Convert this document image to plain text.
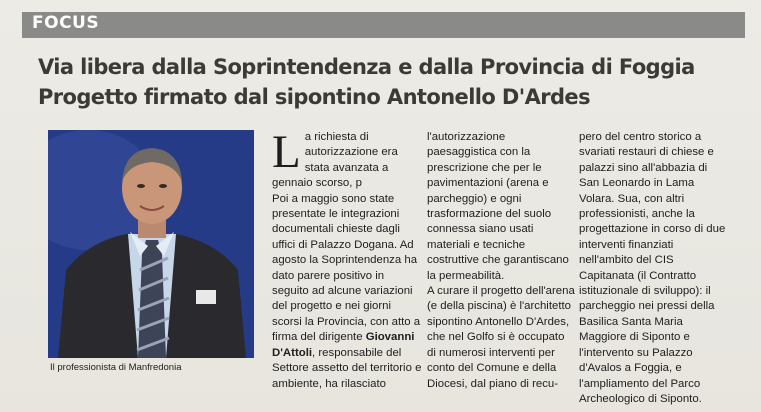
FOCUS
Via libera dalla Soprintendenza e dalla Provincia di Foggia
Progetto firmato dal sipontino Antonello D'Ardes
Il professionista di Manfredonia

La richiesta di autorizzazione era stata avanzata a gennaio scorso, p

Poi a maggio sono state presentate le integrazioni documentali chieste dagli uffici di Palazzo Dogana. Ad agosto la Soprintendenza ha dato parere positivo in seguito ad alcune variazioni del progetto e nei giorni scorsi la Provincia, con atto a firma del dirigente Giovanni D'Attoli, responsabile del Settore assetto del territorio e ambiente, ha rilasciato

l'autorizzazione paesaggistica con la prescrizione che per le pavimentazioni (arena e parcheggio) e ogni trasformazione del suolo connessa siano usati materiali e tecniche costruttive che garantiscano la permeabilità.

A curare il progetto dell'arena (e della piscina) è l'architetto sipontino Antonello D'Ardes, che nel Golfo si è occupato di numerosi interventi per conto del Comune e della Diocesi, dal piano di recu-

pero del centro storico a svariati restauri di chiese e palazzi sino all'abbazia di San Leonardo in Lama Volara. Sua, con altri professionisti, anche la progettazione in corso di due interventi finanziati nell'ambito del CIS Capitanata (il Contratto istituzionale di sviluppo): il parcheggio nei pressi della Basilica Santa Maria Maggiore di Siponto e l'intervento su Palazzo d'Avalos a Foggia, e l'ampliamento del Parco Archeologico di Siponto.
